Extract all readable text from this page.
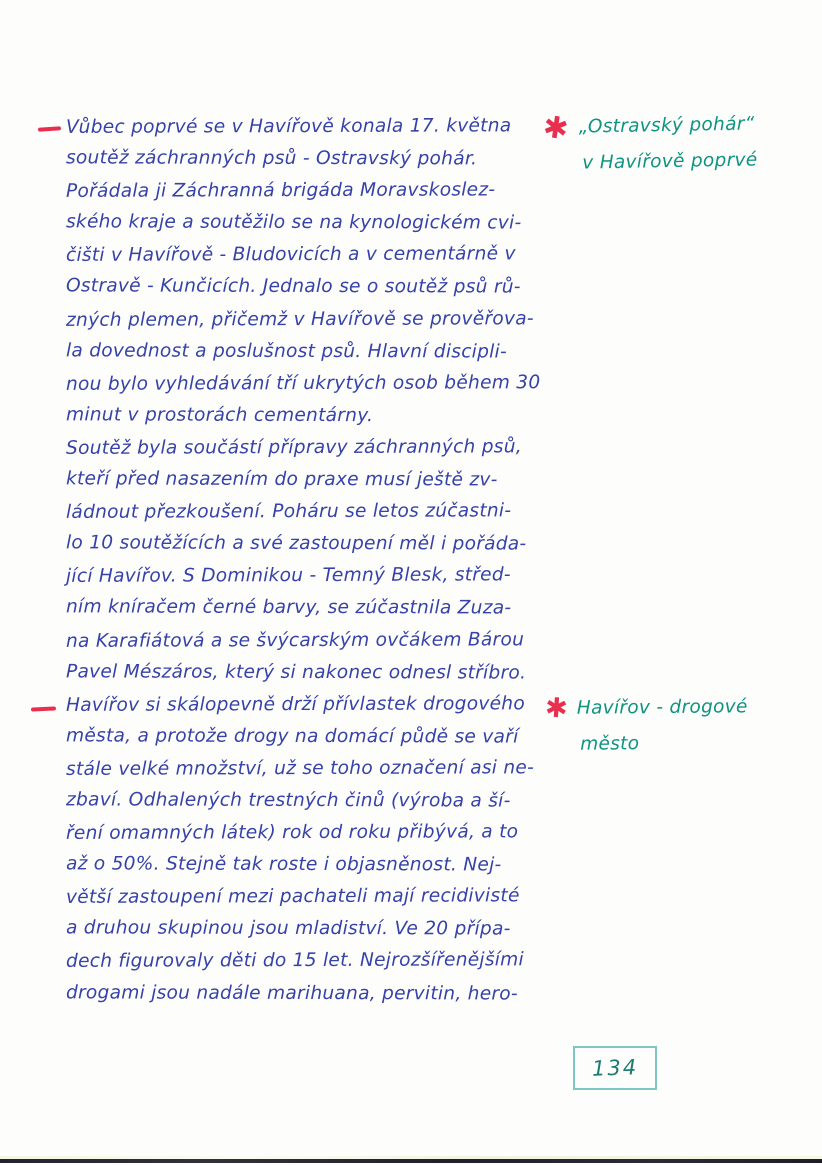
Vůbec poprvé se v Havířově konala 17. května
soutěž záchranných psů - Ostravský pohár.
Pořádala ji Záchranná brigáda Moravskoslez-
ského kraje a soutěžilo se na kynologickém cvi-
čišti v Havířově - Bludovicích a v cementárně v
Ostravě - Kunčicích. Jednalo se o soutěž psů rů-
zných plemen, přičemž v Havířově se prověřova-
la dovednost a poslušnost psů. Hlavní discipli-
nou bylo vyhledávání tří ukrytých osob během 30
minut v prostorách cementárny.
Soutěž byla součástí přípravy záchranných psů,
kteří před nasazením do praxe musí ještě zv-
ládnout přezkoušení. Poháru se letos zúčastni-
lo 10 soutěžících a své zastoupení měl i pořáda-
jící Havířov. S Dominikou - Temný Blesk, střed-
ním kníračem černé barvy, se zúčastnila Zuza-
na Karafiátová a se švýcarským ovčákem Bárou
Pavel Mészáros, který si nakonec odnesl stříbro.
Havířov si skálopevně drží přívlastek drogového
města, a protože drogy na domácí půdě se vaří
stále velké množství, už se toho označení asi ne-
zbaví. Odhalených trestných činů (výroba a ší-
ření omamných látek) rok od roku přibývá, a to
až o 50%. Stejně tak roste i objasněnost. Nej-
větší zastoupení mezi pachateli mají recidivisté
a druhou skupinou jsou mladiství. Ve 20 přípa-
dech figurovaly děti do 15 let. Nejrozšířenějšími
drogami jsou nadále marihuana, pervitin, hero-
✱
✱
„Ostravský pohár“
v Havířově poprvé
Havířov - drogové
město
134
